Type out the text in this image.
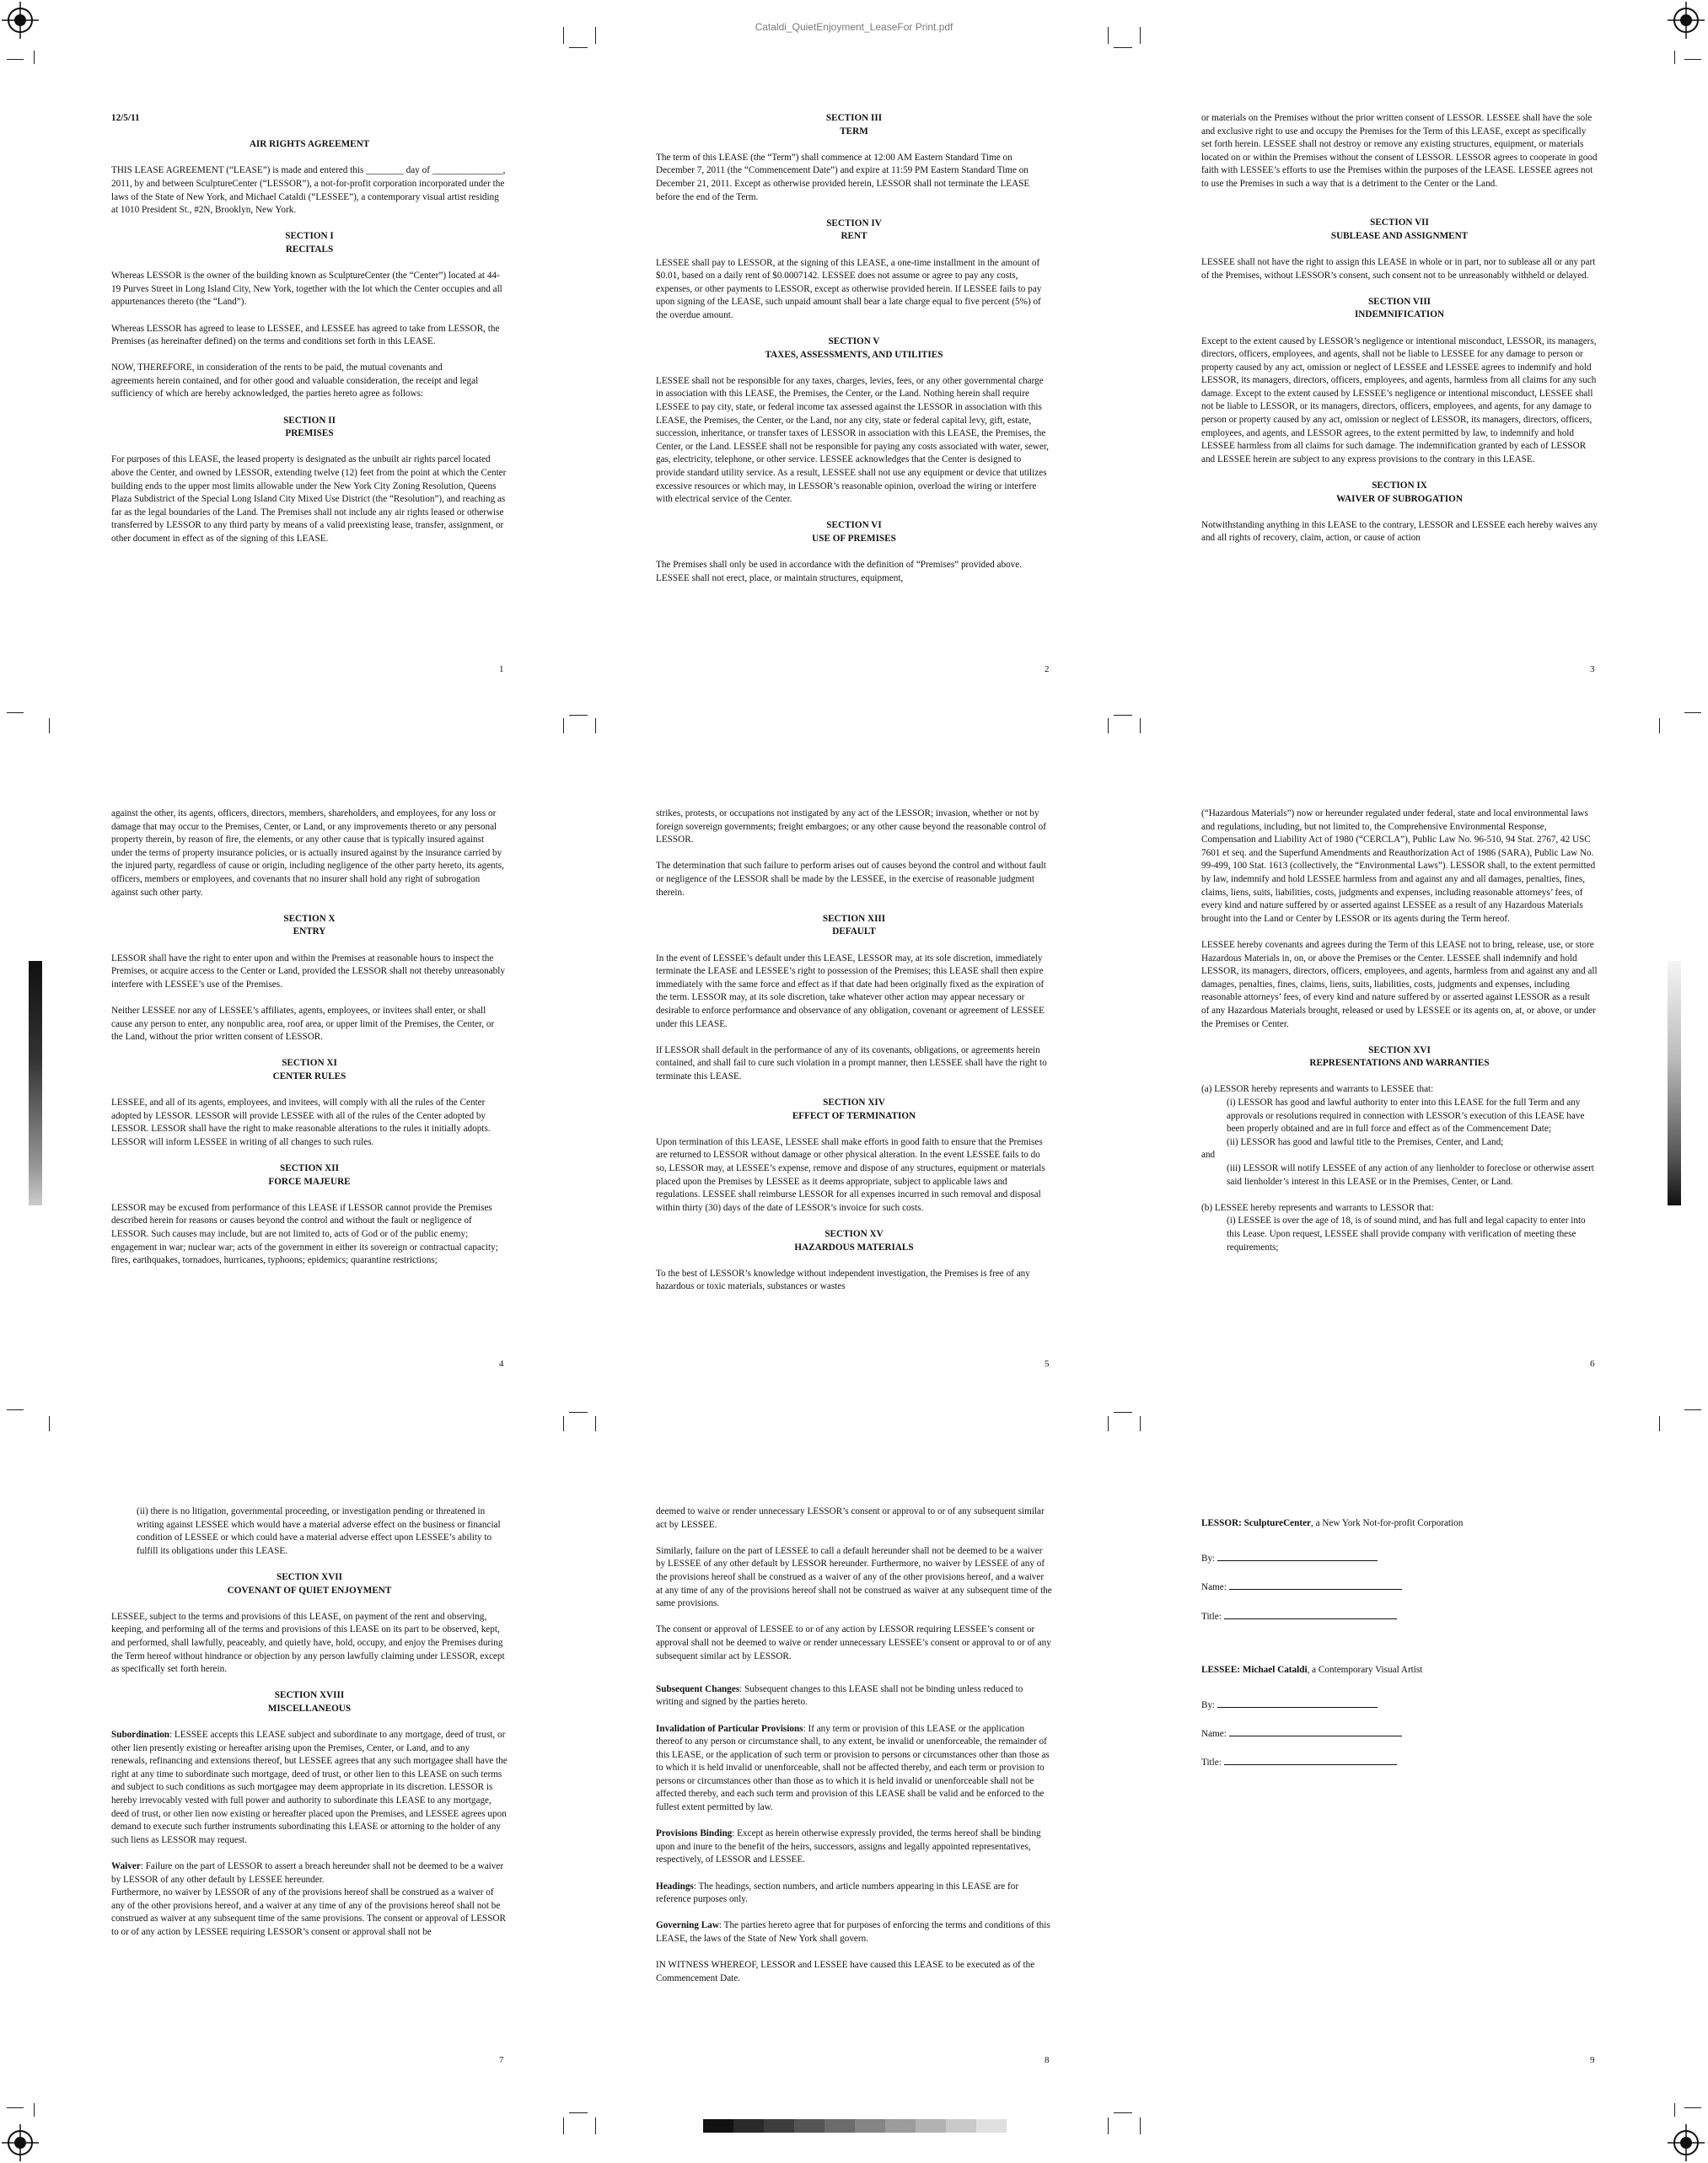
Cataldi_QuietEnjoyment_LeaseFor Print.pdf
12/5/11
AIR RIGHTS AGREEMENT

THIS LEASE AGREEMENT (“LEASE”) is made and entered this ________ day of _______________, 2011, by and between SculptureCenter (“LESSOR”), a not-for-profit corporation incorporated under the laws of the State of New York, and Michael Cataldi (“LESSEE”), a contemporary visual artist residing at 1010 President St., #2N, Brooklyn, New York.

SECTION I
RECITALS

Whereas LESSOR is the owner of the building known as SculptureCenter (the “Center”) located at 44-19 Purves Street in Long Island City, New York, together with the lot which the Center occupies and all appurtenances thereto (the “Land”).

Whereas LESSOR has agreed to lease to LESSEE, and LESSEE has agreed to take from LESSOR, the Premises (as hereinafter defined) on the terms and conditions set forth in this LEASE.

NOW, THEREFORE, in consideration of the rents to be paid, the mutual covenants and

agreements herein contained, and for other good and valuable consideration, the receipt and legal sufficiency of which are hereby acknowledged, the parties hereto agree as follows:

SECTION II
PREMISES

For purposes of this LEASE, the leased property is designated as the unbuilt air rights parcel located above the Center, and owned by LESSOR, extending twelve (12) feet from the point at which the Center building ends to the upper most limits allowable under the New York City Zoning Resolution, Queens Plaza Subdistrict of the Special Long Island City Mixed Use District (the “Resolution”), and reaching as far as the legal boundaries of the Land. The Premises shall not include any air rights leased or otherwise transferred by LESSOR to any third party by means of a valid preexisting lease, transfer, assignment, or other document in effect as of the signing of this LEASE.

1
SECTION III
TERM

The term of this LEASE (the “Term”) shall commence at 12:00 AM Eastern Standard Time on December 7, 2011 (the “Commencement Date”) and expire at 11:59 PM Eastern Standard Time on December 21, 2011. Except as otherwise provided herein, LESSOR shall not terminate the LEASE before the end of the Term.

SECTION IV
RENT

LESSEE shall pay to LESSOR, at the signing of this LEASE, a one-time installment in the amount of $0.01, based on a daily rent of $0.0007142. LESSEE does not assume or agree to pay any costs, expenses, or other payments to LESSOR, except as otherwise provided herein. If LESSEE fails to pay upon signing of the LEASE, such unpaid amount shall bear a late charge equal to five percent (5%) of the overdue amount.

SECTION V
TAXES, ASSESSMENTS, AND UTILITIES

LESSEE shall not be responsible for any taxes, charges, levies, fees, or any other governmental charge in association with this LEASE, the Premises, the Center, or the Land. Nothing herein shall require LESSEE to pay city, state, or federal income tax assessed against the LESSOR in association with this LEASE, the Premises, the Center, or the Land, nor any city, state or federal capital levy, gift, estate, succession, inheritance, or transfer taxes of LESSOR in association with this LEASE, the Premises, the Center, or the Land. LESSEE shall not be responsible for paying any costs associated with water, sewer, gas, electricity, telephone, or other service. LESSEE acknowledges that the Center is designed to provide standard utility service. As a result, LESSEE shall not use any equipment or device that utilizes excessive resources or which may, in LESSOR’s reasonable opinion, overload the wiring or interfere with electrical service of the Center.

SECTION VI
USE OF PREMISES

The Premises shall only be used in accordance with the definition of “Premises” provided above. LESSEE shall not erect, place, or maintain structures, equipment,

2

or materials on the Premises without the prior written consent of LESSOR. LESSEE shall have the sole and exclusive right to use and occupy the Premises for the Term of this LEASE, except as specifically set forth herein. LESSEE shall not destroy or remove any existing structures, equipment, or materials located on or within the Premises without the consent of LESSOR. LESSOR agrees to cooperate in good faith with LESSEE’s efforts to use the Premises within the purposes of the LEASE. LESSEE agrees not to use the Premises in such a way that is a detriment to the Center or the Land.

SECTION VII
SUBLEASE AND ASSIGNMENT

LESSEE shall not have the right to assign this LEASE in whole or in part, nor to sublease all or any part of the Premises, without LESSOR’s consent, such consent not to be unreasonably withheld or delayed.

SECTION VIII
INDEMNIFICATION

Except to the extent caused by LESSOR’s negligence or intentional misconduct, LESSOR, its managers, directors, officers, employees, and agents, shall not be liable to LESSEE for any damage to person or property caused by any act, omission or neglect of LESSEE and LESSEE agrees to indemnify and hold LESSOR, its managers, directors, officers, employees, and agents, harmless from all claims for any such damage. Except to the extent caused by LESSEE’s negligence or intentional misconduct, LESSEE shall not be liable to LESSOR, or its managers, directors, officers, employees, and agents, for any damage to person or property caused by any act, omission or neglect of LESSOR, its managers, directors, officers, employees, and agents, and LESSOR agrees, to the extent permitted by law, to indemnify and hold LESSEE harmless from all claims for such damage. The indemnification granted by each of LESSOR and LESSEE herein are subject to any express provisions to the contrary in this LEASE.

SECTION IX
WAIVER OF SUBROGATION

Notwithstanding anything in this LEASE to the contrary, LESSOR and LESSEE each hereby waives any and all rights of recovery, claim, action, or cause of action

3

against the other, its agents, officers, directors, members, shareholders, and employees, for any loss or damage that may occur to the Premises, Center, or Land, or any improvements thereto or any personal property therein, by reason of fire, the elements, or any other cause that is typically insured against under the terms of property insurance policies, or is actually insured against by the insurance carried by the injured party, regardless of cause or origin, including negligence of the other party hereto, its agents, officers, members or employees, and covenants that no insurer shall hold any right of subrogation against such other party.

SECTION X
ENTRY

LESSOR shall have the right to enter upon and within the Premises at reasonable hours to inspect the Premises, or acquire access to the Center or Land, provided the LESSOR shall not thereby unreasonably interfere with LESSEE’s use of the Premises.

Neither LESSEE nor any of LESSEE’s affiliates, agents, employees, or invitees shall enter, or shall cause any person to enter, any nonpublic area, roof area, or upper limit of the Premises, the Center, or the Land, without the prior written consent of LESSOR.

SECTION XI
CENTER RULES

LESSEE, and all of its agents, employees, and invitees, will comply with all the rules of the Center adopted by LESSOR. LESSOR will provide LESSEE with all of the rules of the Center adopted by LESSOR. LESSOR shall have the right to make reasonable alterations to the rules it initially adopts. LESSOR will inform LESSEE in writing of all changes to such rules.

SECTION XII
FORCE MAJEURE

LESSOR may be excused from performance of this LEASE if LESSOR cannot provide the Premises described herein for reasons or causes beyond the control and without the fault or negligence of LESSOR. Such causes may include, but are not limited to, acts of God or of the public enemy; engagement in war; nuclear war; acts of the government in either its sovereign or contractual capacity; fires, earthquakes, tornadoes, hurricanes, typhoons; epidemics; quarantine restrictions;

4

strikes, protests, or occupations not instigated by any act of the LESSOR; invasion, whether or not by foreign sovereign governments; freight embargoes; or any other cause beyond the reasonable control of LESSOR.

The determination that such failure to perform arises out of causes beyond the control and without fault or negligence of the LESSOR shall be made by the LESSEE, in the exercise of reasonable judgment therein.

SECTION XIII
DEFAULT

In the event of LESSEE’s default under this LEASE, LESSOR may, at its sole discretion, immediately terminate the LEASE and LESSEE’s right to possession of the Premises; this LEASE shall then expire immediately with the same force and effect as if that date had been originally fixed as the expiration of the term. LESSOR may, at its sole discretion, take whatever other action may appear necessary or desirable to enforce performance and observance of any obligation, covenant or agreement of LESSEE under this LEASE.

If LESSOR shall default in the performance of any of its covenants, obligations, or agreements herein contained, and shall fail to cure such violation in a prompt manner, then LESSEE shall have the right to terminate this LEASE.

SECTION XIV
EFFECT OF TERMINATION

Upon termination of this LEASE, LESSEE shall make efforts in good faith to ensure that the Premises are returned to LESSOR without damage or other physical alteration. In the event LESSEE fails to do so, LESSOR may, at LESSEE’s expense, remove and dispose of any structures, equipment or materials placed upon the Premises by LESSEE as it deems appropriate, subject to applicable laws and regulations. LESSEE shall reimburse LESSOR for all expenses incurred in such removal and disposal within thirty (30) days of the date of LESSOR’s invoice for such costs.

SECTION XV
HAZARDOUS MATERIALS

To the best of LESSOR’s knowledge without independent investigation, the Premises is free of any hazardous or toxic materials, substances or wastes

5

(“Hazardous Materials”) now or hereunder regulated under federal, state and local environmental laws and regulations, including, but not limited to, the Comprehensive Environmental Response, Compensation and Liability Act of 1980 (“CERCLA”), Public Law No. 96-510, 94 Stat. 2767, 42 USC 7601 et seq. and the Superfund Amendments and Reauthorization Act of 1986 (SARA), Public Law No. 99-499, 100 Stat. 1613 (collectively, the “Environmental Laws”). LESSOR shall, to the extent permitted by law, indemnify and hold LESSEE harmless from and against any and all damages, penalties, fines, claims, liens, suits, liabilities, costs, judgments and expenses, including reasonable attorneys’ fees, of every kind and nature suffered by or asserted against LESSEE as a result of any Hazardous Materials brought into the Land or Center by LESSOR or its agents during the Term hereof.

LESSEE hereby covenants and agrees during the Term of this LEASE not to bring, release, use, or store Hazardous Materials in, on, or above the Premises or the Center. LESSEE shall indemnify and hold LESSOR, its managers, directors, officers, employees, and agents, harmless from and against any and all damages, penalties, fines, claims, liens, suits, liabilities, costs, judgments and expenses, including reasonable attorneys’ fees, of every kind and nature suffered by or asserted against LESSOR as a result of any Hazardous Materials brought, released or used by LESSEE or its agents on, at, or above, or under the Premises or Center.

SECTION XVI
REPRESENTATIONS AND WARRANTIES

(a) LESSOR hereby represents and warrants to LESSEE that:

(i) LESSOR has good and lawful authority to enter into this LEASE for the full Term and any approvals or resolutions required in connection with LESSOR’s execution of this LEASE have been properly obtained and are in full force and effect as of the Commencement Date;

(ii) LESSOR has good and lawful title to the Premises, Center, and Land;

and

(iii) LESSOR will notify LESSEE of any action of any lienholder to foreclose or otherwise assert said lienholder’s interest in this LEASE or in the Premises, Center, or Land.

(b) LESSEE hereby represents and warrants to LESSOR that:

(i) LESSEE is over the age of 18, is of sound mind, and has full and legal capacity to enter into this Lease. Upon request, LESSEE shall provide company with verification of meeting these requirements;

6

(ii) there is no litigation, governmental proceeding, or investigation pending or threatened in writing against LESSEE which would have a material adverse effect on the business or financial condition of LESSEE or which could have a material adverse effect upon LESSEE’s ability to fulfill its obligations under this LEASE.

SECTION XVII
COVENANT OF QUIET ENJOYMENT

LESSEE, subject to the terms and provisions of this LEASE, on payment of the rent and observing, keeping, and performing all of the terms and provisions of this LEASE on its part to be observed, kept, and performed, shall lawfully, peaceably, and quietly have, hold, occupy, and enjoy the Premises during the Term hereof without hindrance or objection by any person lawfully claiming under LESSOR, except as specifically set forth herein.

SECTION XVIII
MISCELLANEOUS

Subordination: LESSEE accepts this LEASE subject and subordinate to any mortgage, deed of trust, or other lien presently existing or hereafter arising upon the Premises, Center, or Land, and to any renewals, refinancing and extensions thereof, but LESSEE agrees that any such mortgagee shall have the right at any time to subordinate such mortgage, deed of trust, or other lien to this LEASE on such terms and subject to such conditions as such mortgagee may deem appropriate in its discretion. LESSOR is hereby irrevocably vested with full power and authority to subordinate this LEASE to any mortgage, deed of trust, or other lien now existing or hereafter placed upon the Premises, and LESSEE agrees upon demand to execute such further instruments subordinating this LEASE or attorning to the holder of any such liens as LESSOR may request.

Waiver: Failure on the part of LESSOR to assert a breach hereunder shall not be deemed to be a waiver by LESSOR of any other default by LESSEE hereunder.

Furthermore, no waiver by LESSOR of any of the provisions hereof shall be construed as a waiver of any of the other provisions hereof, and a waiver at any time of any of the provisions hereof shall not be construed as waiver at any subsequent time of the same provisions. The consent or approval of LESSOR to or of any action by LESSEE requiring LESSOR’s consent or approval shall not be

7

deemed to waive or render unnecessary LESSOR’s consent or approval to or of any subsequent similar act by LESSEE.

Similarly, failure on the part of LESSEE to call a default hereunder shall not be deemed to be a waiver by LESSEE of any other default by LESSOR hereunder. Furthermore, no waiver by LESSEE of any of the provisions hereof shall be construed as a waiver of any of the other provisions hereof, and a waiver at any time of any of the provisions hereof shall not be construed as waiver at any subsequent time of the same provisions.

The consent or approval of LESSEE to or of any action by LESSOR requiring LESSEE’s consent or approval shall not be deemed to waive or render unnecessary LESSEE’s consent or approval to or of any subsequent similar act by LESSOR.

Subsequent Changes: Subsequent changes to this LEASE shall not be binding unless reduced to writing and signed by the parties hereto.

Invalidation of Particular Provisions: If any term or provision of this LEASE or the application thereof to any person or circumstance shall, to any extent, be invalid or unenforceable, the remainder of this LEASE, or the application of such term or provision to persons or circumstances other than those as to which it is held invalid or unenforceable, shall not be affected thereby, and each term or provision to persons or circumstances other than those as to which it is held invalid or unenforceable shall not be affected thereby, and each such term and provision of this LEASE shall be valid and be enforced to the fullest extent permitted by law.

Provisions Binding: Except as herein otherwise expressly provided, the terms hereof shall be binding upon and inure to the benefit of the heirs, successors, assigns and legally appointed representatives, respectively, of LESSOR and LESSEE.

Headings: The headings, section numbers, and article numbers appearing in this LEASE are for reference purposes only.

Governing Law: The parties hereto agree that for purposes of enforcing the terms and conditions of this LEASE, the laws of the State of New York shall govern.

IN WITNESS WHEREOF, LESSOR and LESSEE have caused this LEASE to be executed as of the Commencement Date.

8
LESSOR: SculptureCenter, a New York Not-for-profit Corporation
By:
Name:
Title:
LESSEE: Michael Cataldi, a Contemporary Visual Artist
By:
Name:
Title:
9
